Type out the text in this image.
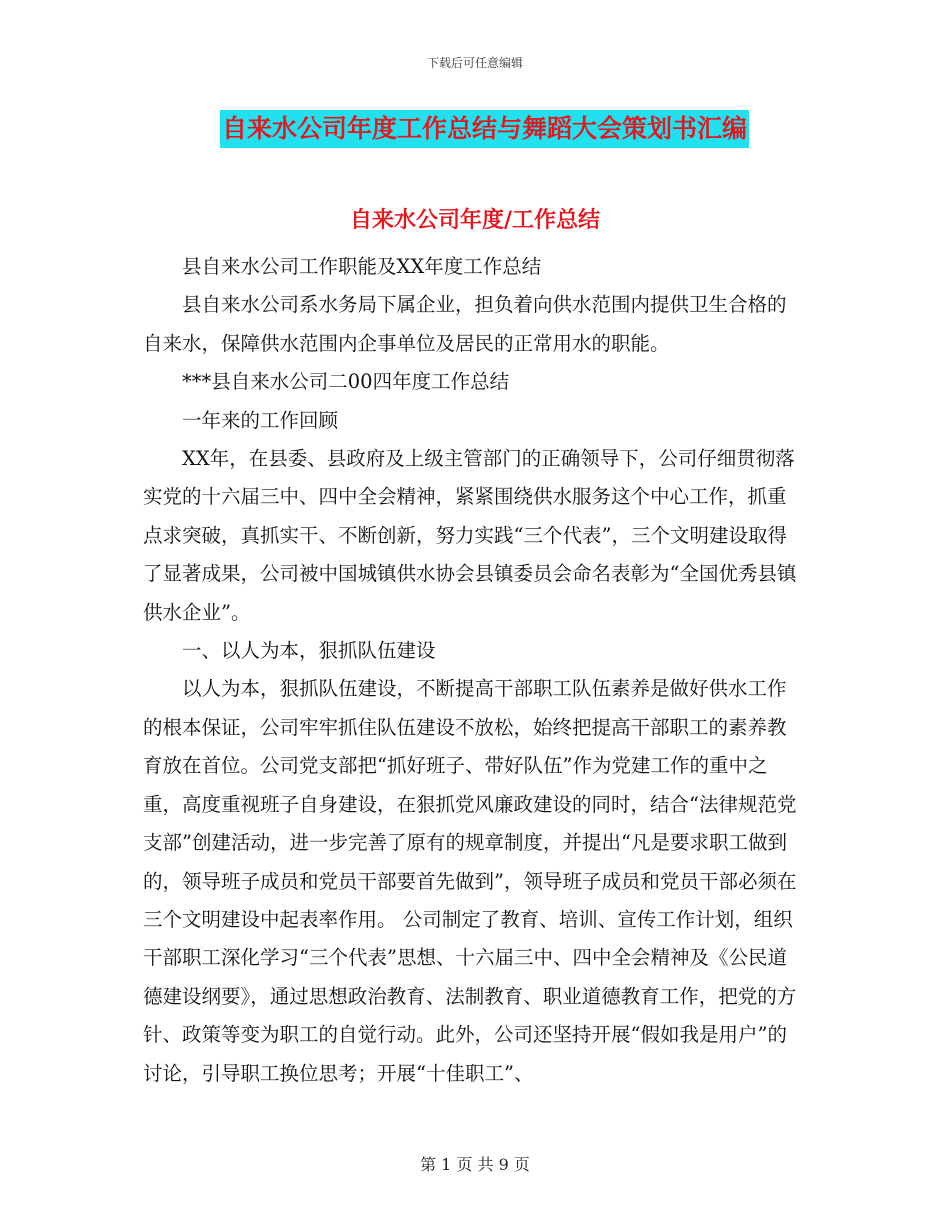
下载后可任意编辑
自来水公司年度工作总结与舞蹈大会策划书汇编
自来水公司年度/工作总结

县自来水公司工作职能及XX年度工作总结

县自来水公司系水务局下属企业，担负着向供水范围内提供卫生合格的自来水，保障供水范围内企事单位及居民的正常用水的职能。

***县自来水公司二00四年度工作总结

一年来的工作回顾

XX年，在县委、县政府及上级主管部门的正确领导下，公司仔细贯彻落实党的十六届三中、四中全会精神，紧紧围绕供水服务这个中心工作，抓重点求突破，真抓实干、不断创新，努力实践“三个代表”，三个文明建设取得了显著成果，公司被中国城镇供水协会县镇委员会命名表彰为“全国优秀县镇供水企业”。

一、以人为本，狠抓队伍建设

以人为本，狠抓队伍建设，不断提高干部职工队伍素养是做好供水工作的根本保证，公司牢牢抓住队伍建设不放松，始终把提高干部职工的素养教育放在首位。公司党支部把“抓好班子、带好队伍”作为党建工作的重中之重，高度重视班子自身建设，在狠抓党风廉政建设的同时，结合“法律规范党支部”创建活动，进一步完善了原有的规章制度，并提出“凡是要求职工做到的，领导班子成员和党员干部要首先做到”，领导班子成员和党员干部必须在三个文明建设中起表率作用。 公司制定了教育、培训、宣传工作计划，组织干部职工深化学习“三个代表”思想、十六届三中、四中全会精神及《公民道德建设纲要》，通过思想政治教育、法制教育、职业道德教育工作，把党的方针、政策等变为职工的自觉行动。此外，公司还坚持开展“假如我是用户”的讨论，引导职工换位思考；开展“十佳职工”、

第 1 页 共 9 页
